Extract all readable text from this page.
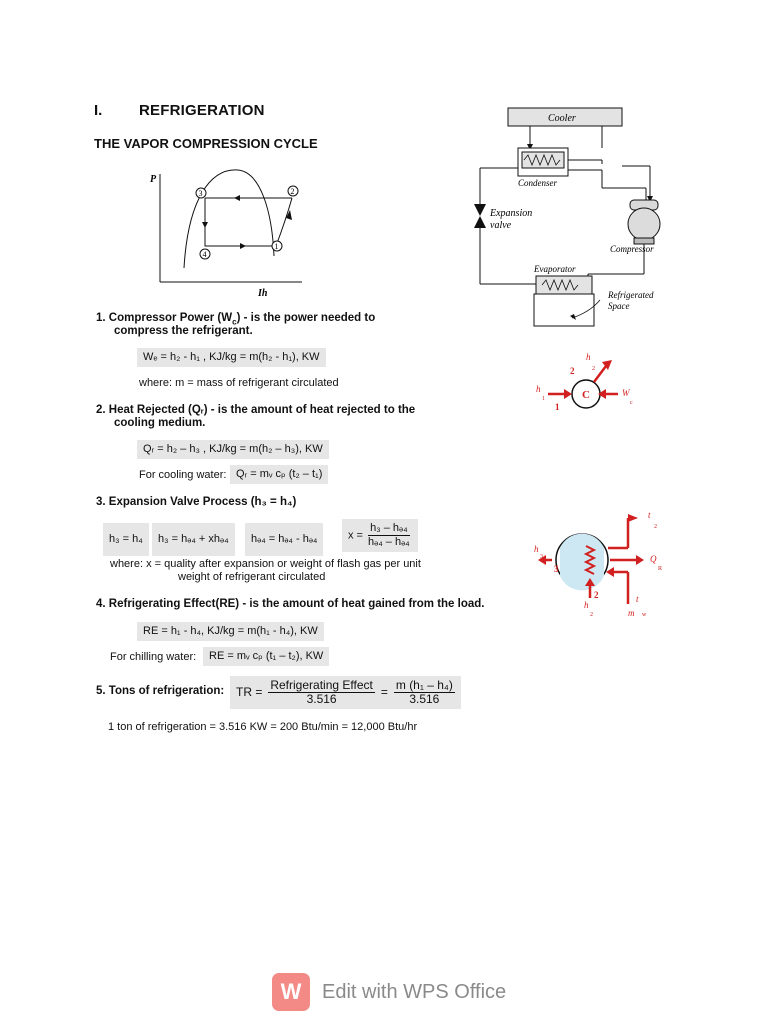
I. REFRIGERATION
THE VAPOR COMPRESSION CYCLE
P
Ih
3	2
4
1
Cooler
Condenser
Expansion
valve
Compressor
Evaporator
Refrigerated
Space
1. Compressor Power $(W_c)$ - is the power needed to
compress the refrigerant.
Wₑ = h₂ - h₁ , KJ/kg = m(h₂ - h₁), KW
where: m = mass of refrigerant circulated
C
2
h
2
h
1
1
W
c
2. Heat Rejected (Qᵣ) - is the amount of heat rejected to the
cooling medium.
Qᵣ = h₂ – h₃ , KJ/kg = m(h₂ – h₃), KW
For cooling water: Qᵣ = mᵥ cₚ (t₂ – t₁)
3. Expansion Valve Process (h₃ = h₄)
h₃ = h₄	h₃ = hₔ₄ + xhₔ₄	hₔ₄ = hₔ₄ - hₔ₄	$x = \frac{\text{h₃ – hₔ₄}}{\text{hₔ₄ – hₔ₄}}$
where: x = quality after expansion or weight of flash gas per unit
weight of refrigerant circulated
t
2
Q
R
t
m w
h
3
3
2
h
2
4. Refrigerating Effect(RE) - is the amount of heat gained from the load.
RE = h₁ - h₄, KJ/kg = m(h₁ - h₄), KW
For chilling water:	RE = mᵥ cₚ (t₁ – t₂), KW
5. Tons of refrigeration: TR = $\frac{\text{Refrigerating Effect}}{3.516} = \frac{\text{m (h₁ – h₄)}}{3.516}$
1 ton of refrigeration = 3.516 KW = 200 Btu/min = 12,000 Btu/hr
W	Edit with WPS Office
